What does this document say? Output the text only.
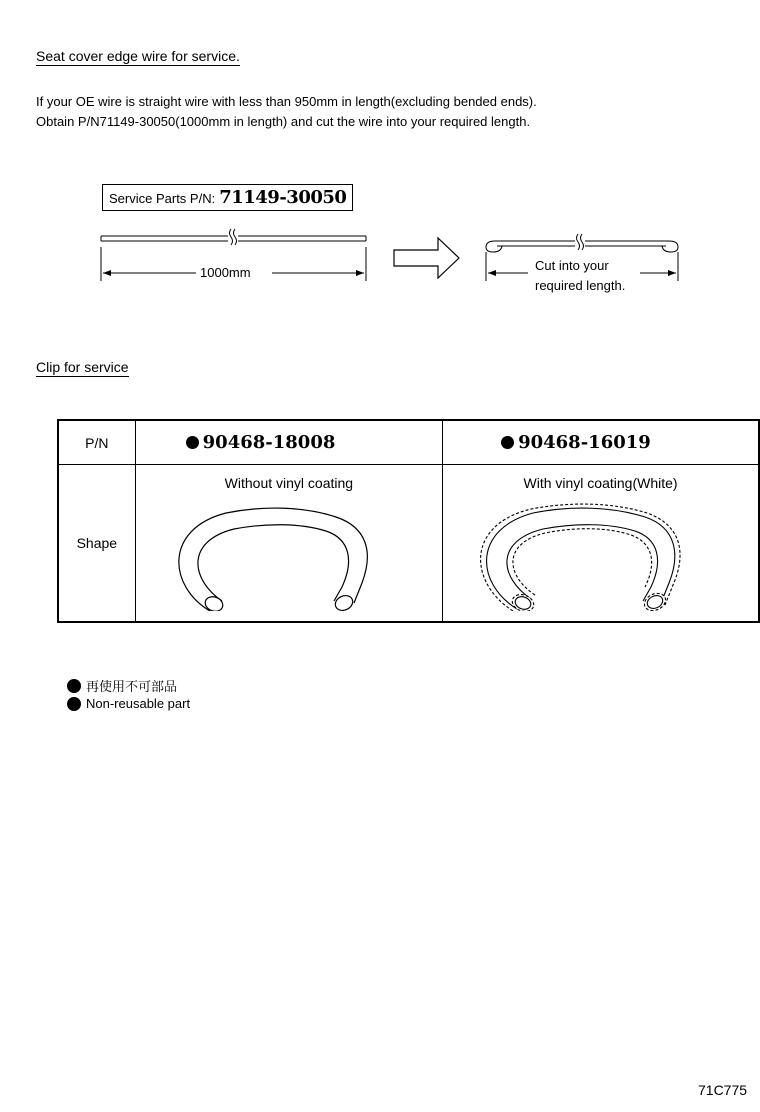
Seat cover edge wire for service.
If your OE wire is straight wire with less than 950mm in length(excluding bended ends).
Obtain P/N71149-30050(1000mm in length) and cut the wire into your required length.
Service Parts P/N: 71149-30050
1000mm	Cut into your
required length.
Clip for service
P/N	90468-18008	90468-16019
Shape	Without vinyl coating	With vinyl coating(White)
再使用不可部品
Non-reusable part
71C775
